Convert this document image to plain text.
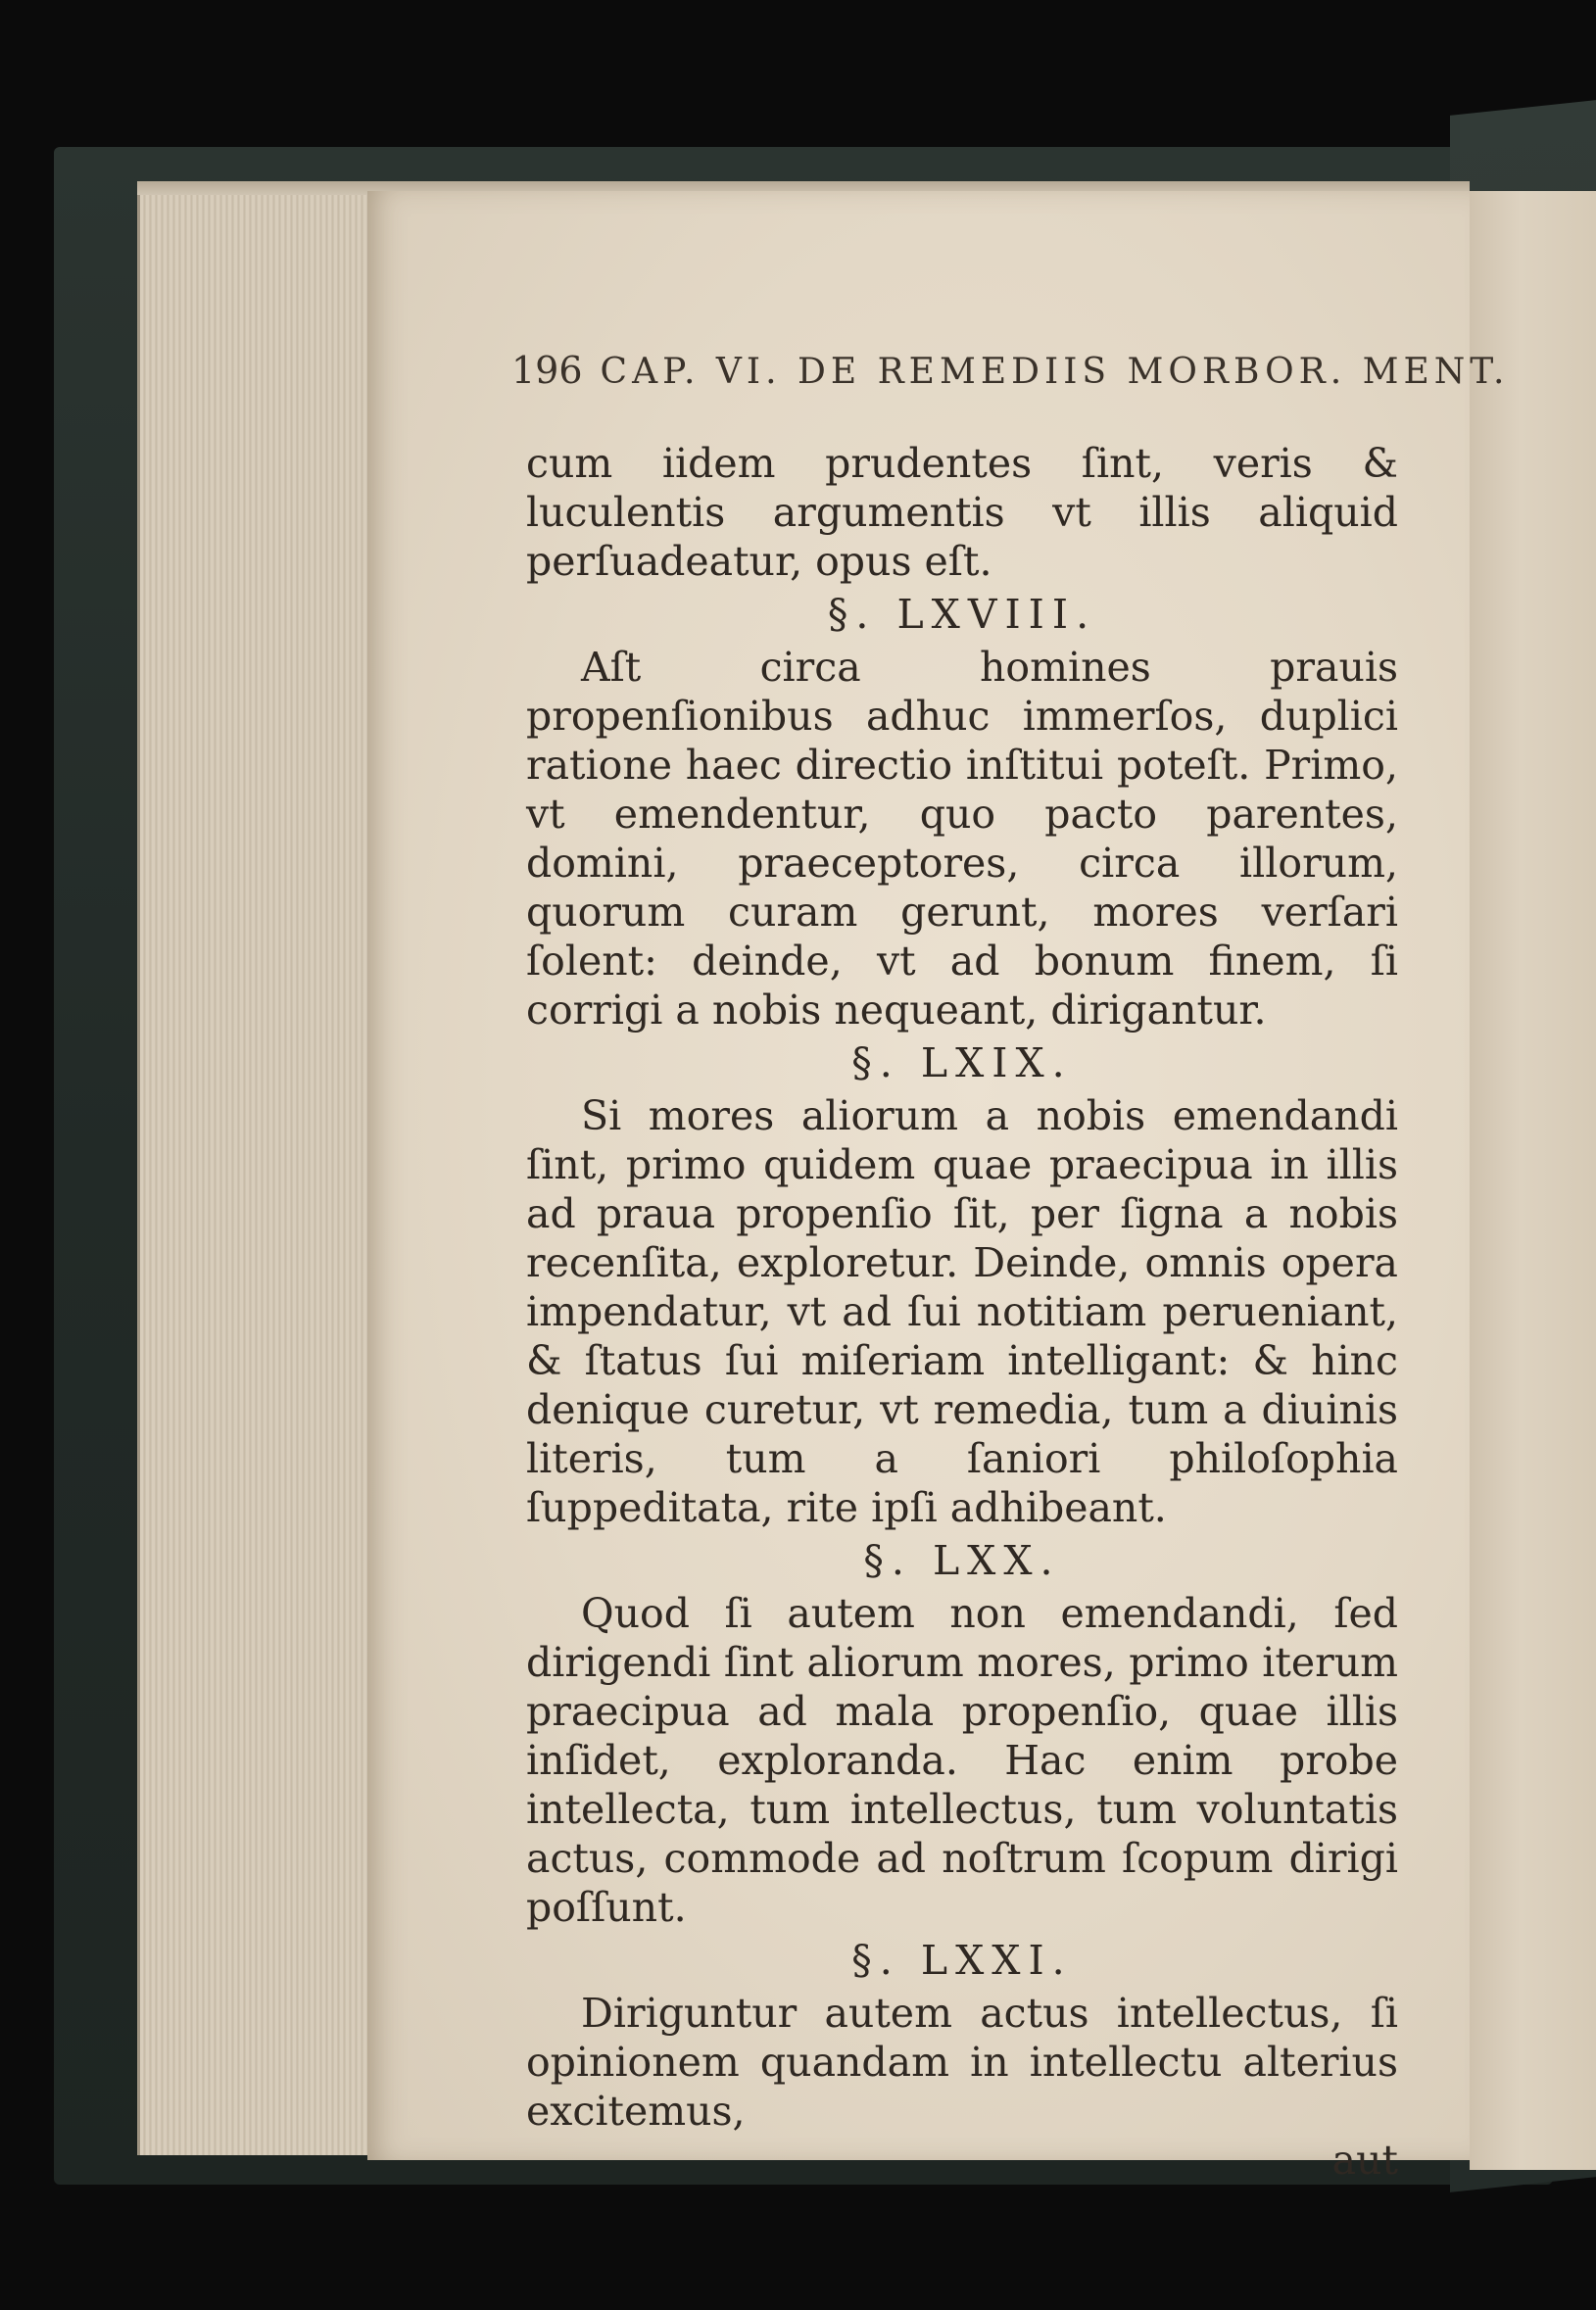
196 CAP. VI. DE REMEDIIS MORBOR. MENT.

cum iidem prudentes ſint, veris & luculentis argumentis vt illis aliquid perſuadeatur, opus eſt.

§. LXVIII.

Aſt circa homines prauis propenſionibus adhuc immerſos, duplici ratione haec directio inſtitui poteſt. Primo, vt emendentur, quo pacto parentes, domini, praeceptores, circa illorum, quorum curam gerunt, mores verſari ſolent: deinde, vt ad bonum finem, ſi corrigi a nobis nequeant, dirigantur.

§. LXIX.

Si mores aliorum a nobis emendandi ſint, primo quidem quae praecipua in illis ad praua propenſio ſit, per ſigna a nobis recenſita, exploretur. Deinde, omnis opera impendatur, vt ad ſui notitiam perueniant, & ſtatus ſui miſeriam intelligant: & hinc denique curetur, vt remedia, tum a diuinis literis, tum a ſaniori philoſophia ſuppeditata, rite ipſi adhibeant.

§. LXX.

Quod ſi autem non emendandi, ſed dirigendi ſint aliorum mores, primo iterum praecipua ad mala propenſio, quae illis inſidet, exploranda. Hac enim probe intellecta, tum intellectus, tum voluntatis actus, commode ad noſtrum ſcopum dirigi poſſunt.

§. LXXI.

Diriguntur autem actus intellectus, ſi opinionem quandam in intellectu alterius excitemus,

aut
